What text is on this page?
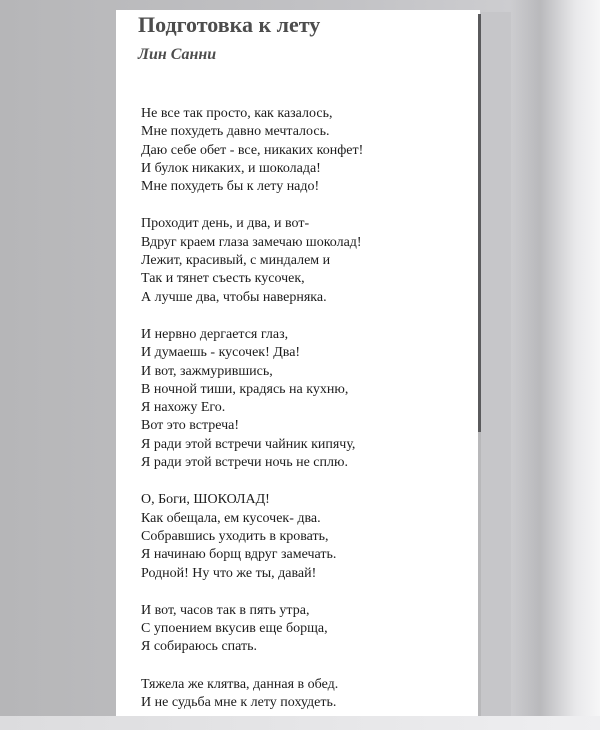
Подготовка к лету
Лин Санни

Не все так просто, как казалось,
Мне похудеть давно мечталось.
Даю себе обет - все, никаких конфет!
И булок никаких, и шоколада!
Мне похудеть бы к лету надо!

Проходит день, и два, и вот-
Вдруг краем глаза замечаю шоколад!
Лежит, красивый, с миндалем и
Так и тянет съесть кусочек,
А лучше два, чтобы наверняка.

И нервно дергается глаз,
И думаешь - кусочек! Два!
И вот, зажмурившись,
В ночной тиши, крадясь на кухню,
Я нахожу Его.
Вот это встреча!
Я ради этой встречи чайник кипячу,
Я ради этой встречи ночь не сплю.

О, Боги, ШОКОЛАД!
Как обещала, ем кусочек- два.
Собравшись уходить в кровать,
Я начинаю борщ вдруг замечать.
Родной! Ну что же ты, давай!

И вот, часов так в пять утра,
С упоением вкусив еще борща,
Я собираюсь спать.

Тяжела же клятва, данная в обед.
И не судьба мне к лету похудеть.
